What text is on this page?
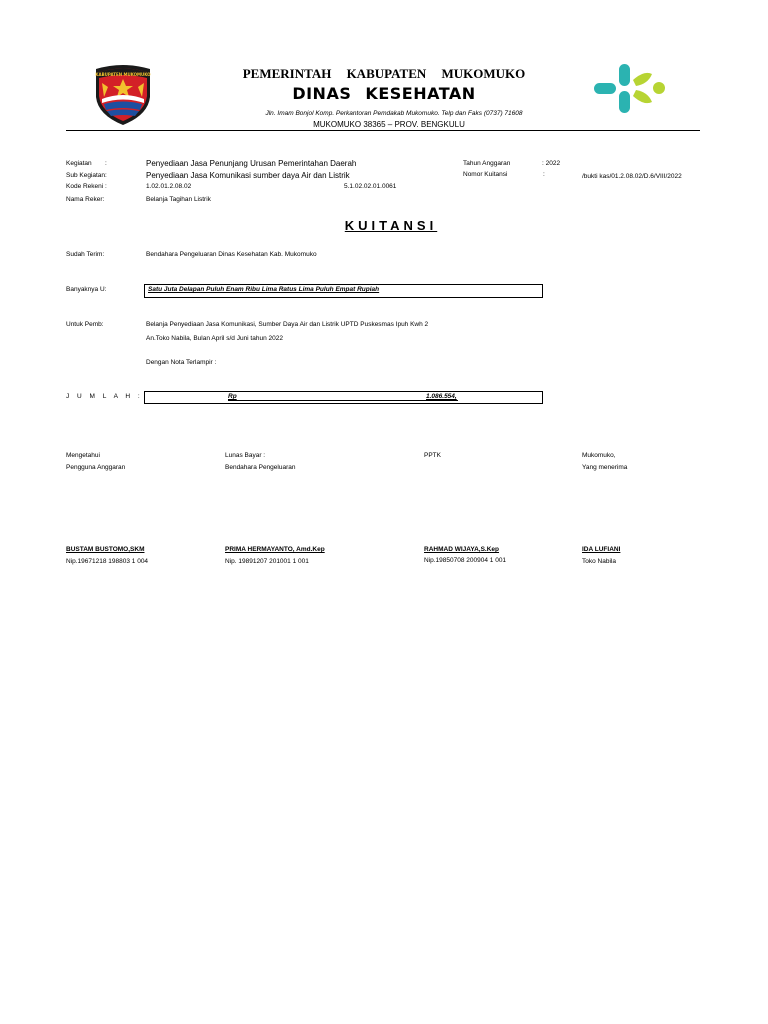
KABUPATEN MUKOMUKO	PEMERINTAH KABUPATEN MUKOMUKO
DINAS KESEHATAN
Jln. Imam Bonjol Komp. Perkantoran Pemdakab Mukomuko. Telp dan Faks (0737) 71608
MUKOMUKO 38365 – PROV. BENGKULU
Kegiatan :	Penyediaan Jasa Penunjang Urusan Pemerintahan Daerah
Sub Kegiatan:	Penyediaan Jasa Komunikasi sumber daya Air dan Listrik
Kode Rekeni :	1.02.01.2.08.02	5.1.02.02.01.0061
Nama Reker:	Belanja Tagihan Listrik
Tahun Anggaran	: 2022
Nomor Kuitansi	:	/bukti kas/01.2.08.02/D.6/VIII/2022
KUITANSI
Sudah Terim:	Bendahara Pengeluaran Dinas Kesehatan Kab. Mukomuko
Banyaknya U:	Satu Juta Delapan Puluh Enam Ribu Lima Ratus Lima Puluh Empat Rupiah
Untuk Pemb:	Belanja Penyediaan Jasa Komunikasi, Sumber Daya Air dan Listrik UPTD Puskesmas Ipuh Kwh 2
An.Toko Nabila, Bulan April s/d Juni tahun 2022
Dengan Nota Terlampir :
J U M L A H :	Rp	1.086.554,
Mengetahui
Pengguna Anggaran
BUSTAM BUSTOMO,SKM
Nip.19671218 198803 1 004
Lunas Bayar :
Bendahara Pengeluaran
PRIMA HERMAYANTO, Amd.Kep
Nip. 19891207 201001 1 001
PPTK
RAHMAD WIJAYA,S.Kep
Nip.19850708 200904 1 001
Mukomuko,
Yang menerima
IDA LUFIANI
Toko Nabila
